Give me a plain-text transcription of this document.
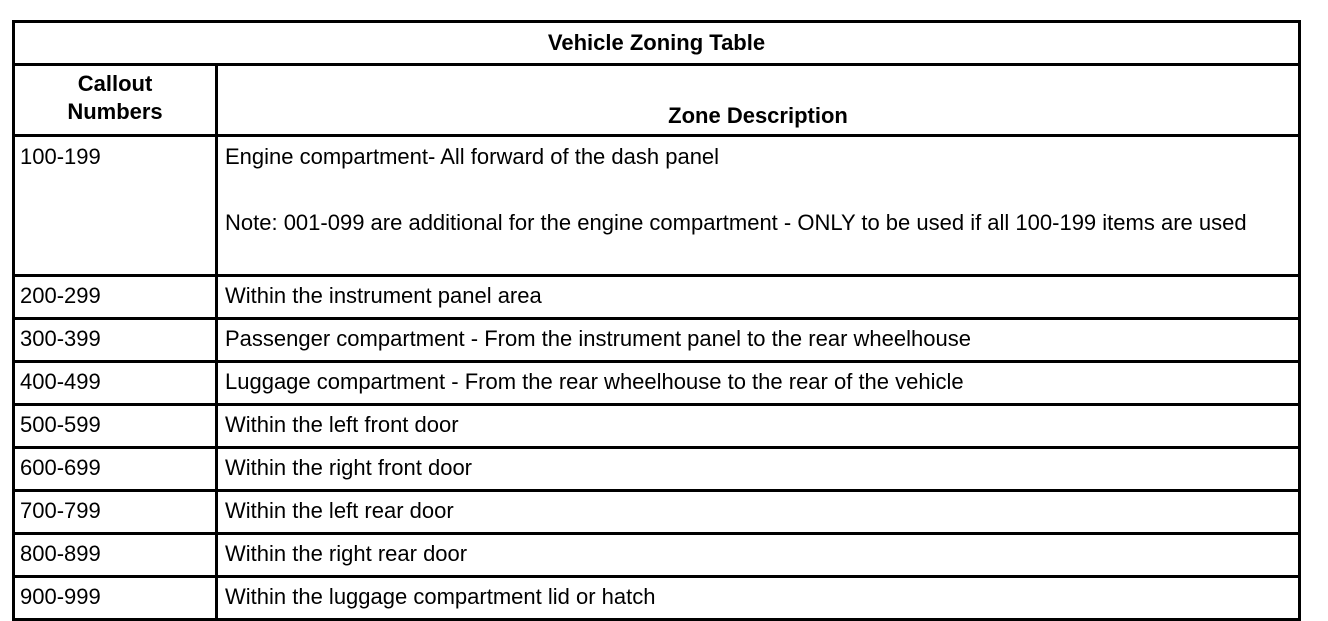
Vehicle Zoning Table	

Callout
Numbers	Zone Description
100-199	Engine compartment- All forward of the dash panel
Note: 001-099 are additional for the engine compartment - ONLY to be used if all 100-199 items are used

200-299	Within the instrument panel area
300-399	Passenger compartment - From the instrument panel to the rear wheelhouse
400-499	Luggage compartment - From the rear wheelhouse to the rear of the vehicle
500-599	Within the left front door
600-699	Within the right front door
700-799	Within the left rear door
800-899	Within the right rear door
900-999	Within the luggage compartment lid or hatch
